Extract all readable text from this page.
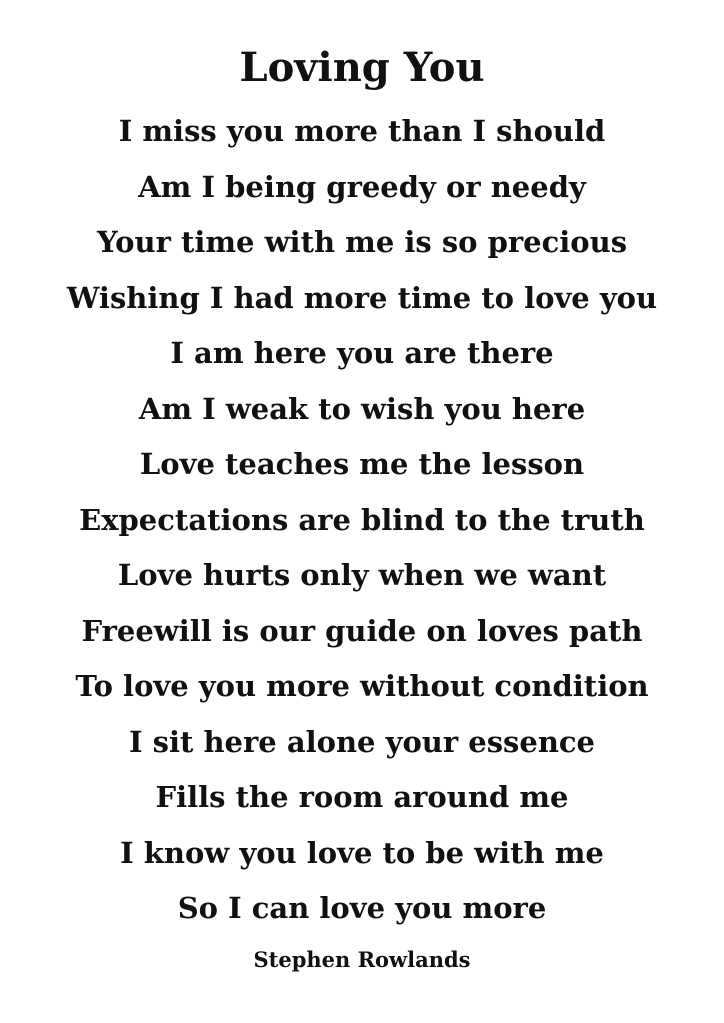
Loving You
I miss you more than I should
Am I being greedy or needy
Your time with me is so precious
Wishing I had more time to love you
I am here you are there
Am I weak to wish you here
Love teaches me the lesson
Expectations are blind to the truth
Love hurts only when we want
Freewill is our guide on loves path
To love you more without condition
I sit here alone your essence
Fills the room around me
I know you love to be with me
So I can love you more
Stephen Rowlands
